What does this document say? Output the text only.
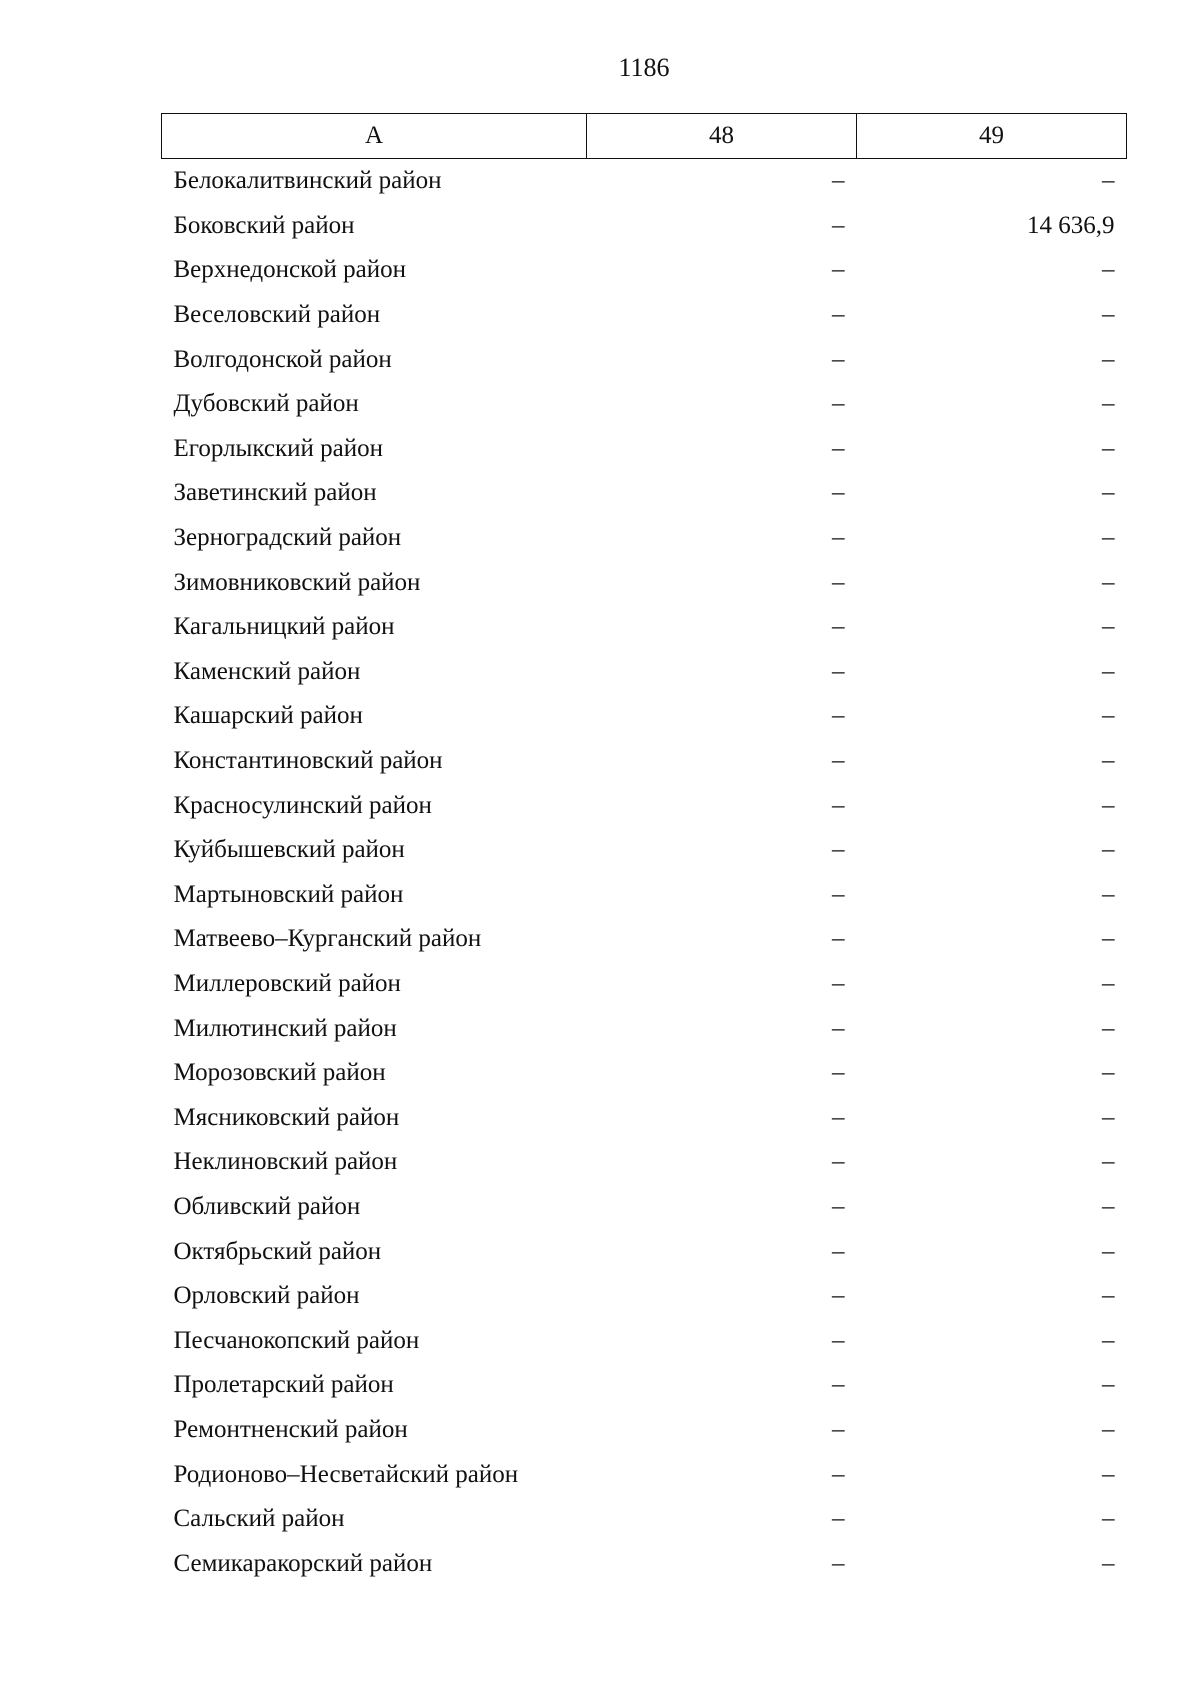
1186
А	48	49
Белокалитвинский район	–	–
Боковский район	–	14 636,9
Верхнедонской район	–	–
Веселовский район	–	–
Волгодонской район	–	–
Дубовский район	–	–
Егорлыкский район	–	–
Заветинский район	–	–
Зерноградский район	–	–
Зимовниковский район	–	–
Кагальницкий район	–	–
Каменский район	–	–
Кашарский район	–	–
Константиновский район	–	–
Красносулинский район	–	–
Куйбышевский район	–	–
Мартыновский район	–	–
Матвеево–Курганский район	–	–
Миллеровский район	–	–
Милютинский район	–	–
Морозовский район	–	–
Мясниковский район	–	–
Неклиновский район	–	–
Обливский район	–	–
Октябрьский район	–	–
Орловский район	–	–
Песчанокопский район	–	–
Пролетарский район	–	–
Ремонтненский район	–	–
Родионово–Несветайский район	–	–
Сальский район	–	–
Семикаракорский район	–	–
